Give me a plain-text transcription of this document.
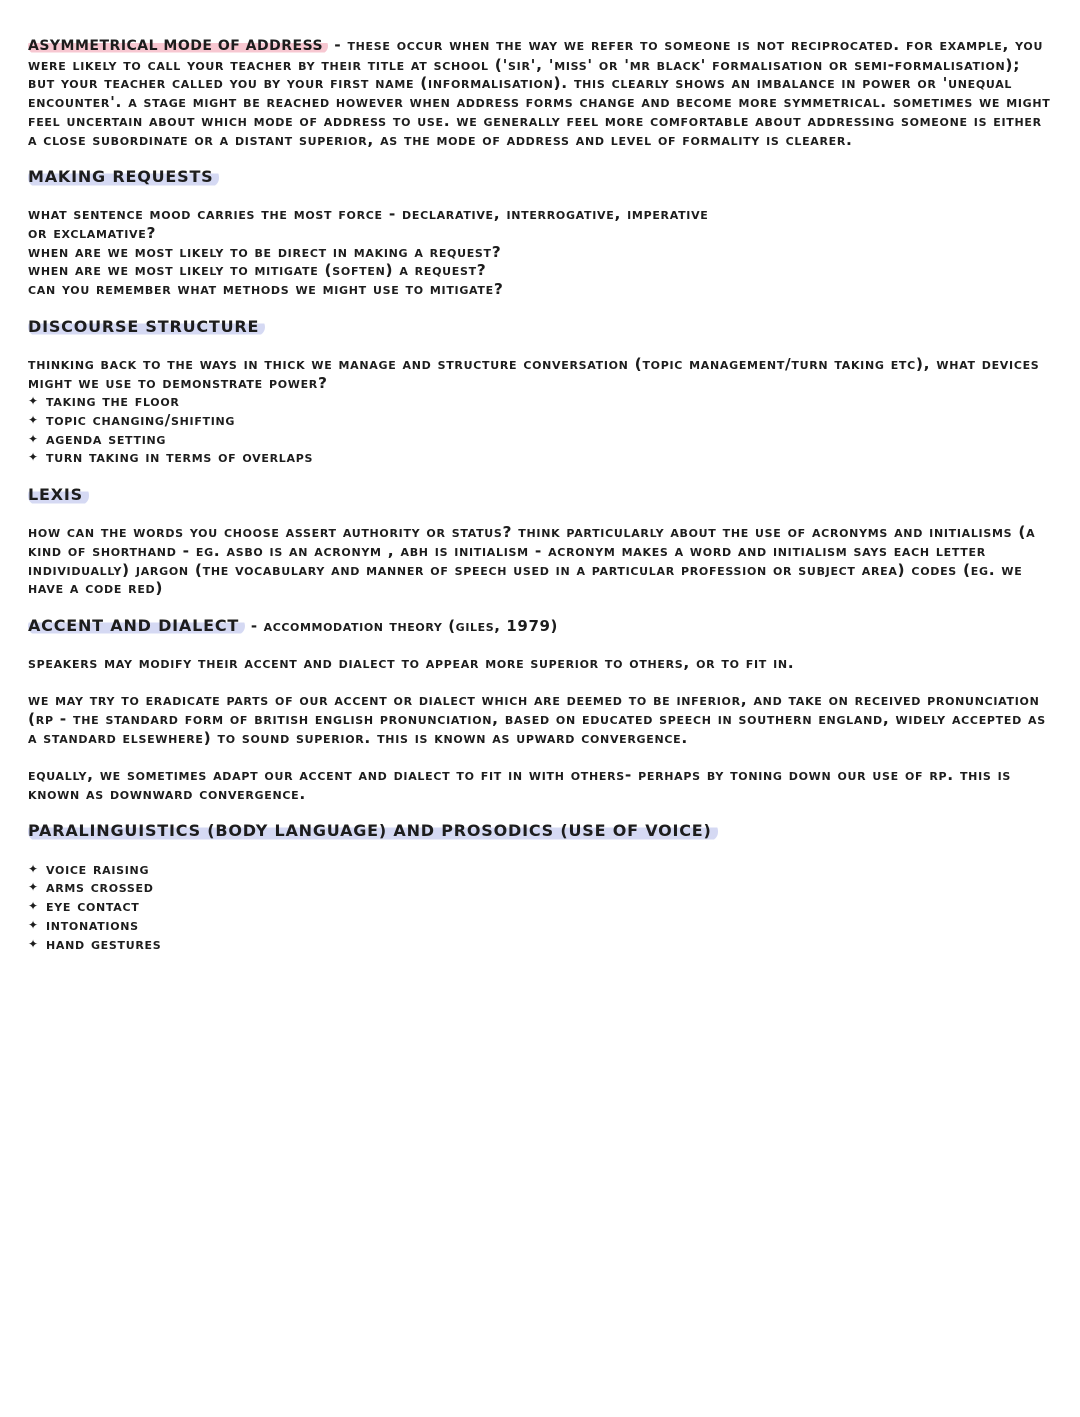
ASYMMETRICAL MODE OF ADDRESS - these occur when the way we refer to someone is not reciprocated. for example, you were likely to call your teacher by their title at school ('sir', 'miss' or 'mr black' formalisation or semi-formalisation); but your teacher called you by your first name (informalisation). this clearly shows an imbalance in power or 'unequal encounter'. a stage might be reached however when address forms change and become more symmetrical. sometimes we might feel uncertain about which mode of address to use. we generally feel more comfortable about addressing someone is either a close subordinate or a distant superior, as the mode of address and level of formality is clearer.

MAKING REQUESTS

what sentence mood carries the most force - declarative, interrogative, imperative

or exclamative?

when are we most likely to be direct in making a request?

when are we most likely to mitigate (soften) a request?

can you remember what methods we might use to mitigate?

DISCOURSE STRUCTURE

thinking back to the ways in thick we manage and structure conversation (topic management/turn taking etc), what devices might we use to demonstrate power?

✦ taking the floor
✦ topic changing/shifting
✦ agenda setting
✦ turn taking in terms of overlaps

LEXIS

how can the words you choose assert authority or status? think particularly about the use of acronyms and initialisms (a kind of shorthand - eg. asbo is an acronym , abh is initialism - acronym makes a word and initialism says each letter individually) jargon (the vocabulary and manner of speech used in a particular profession or subject area) codes (eg. we have a code red)

ACCENT AND DIALECT - accommodation theory (giles, 1979)

speakers may modify their accent and dialect to appear more superior to others, or to fit in.

we may try to eradicate parts of our accent or dialect which are deemed to be inferior, and take on received pronunciation (rp - the standard form of british english pronunciation, based on educated speech in southern england, widely accepted as a standard elsewhere) to sound superior. this is known as upward convergence.

equally, we sometimes adapt our accent and dialect to fit in with others- perhaps by toning down our use of rp. this is known as downward convergence.

PARALINGUISTICS (BODY LANGUAGE) AND PROSODICS (USE OF VOICE)

✦ voice raising
✦ arms crossed
✦ eye contact
✦ intonations
✦ hand gestures
